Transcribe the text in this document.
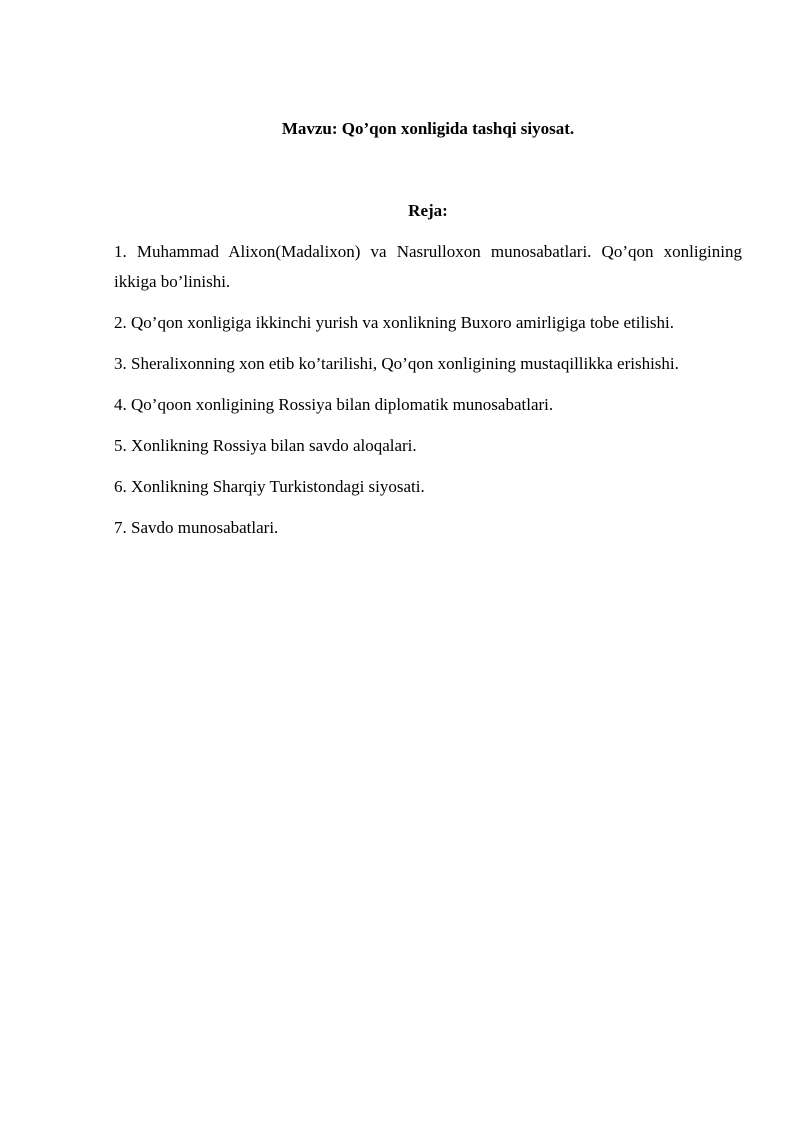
Mavzu: Qo’qon xonligida tashqi siyosat.
Reja:
1. Muhammad Alixon(Madalixon) va Nasrulloxon munosabatlari. Qo’qon xonligining ikkiga bo’linishi.
2. Qo’qon xonligiga ikkinchi yurish va xonlikning Buxoro amirligiga tobe etilishi.
3. Sheralixonning xon etib ko’tarilishi, Qo’qon xonligining mustaqillikka erishishi.
4. Qo’qoon xonligining Rossiya bilan diplomatik munosabatlari.
5. Xonlikning Rossiya bilan savdo aloqalari.
6. Xonlikning Sharqiy Turkistondagi siyosati.
7. Savdo munosabatlari.
